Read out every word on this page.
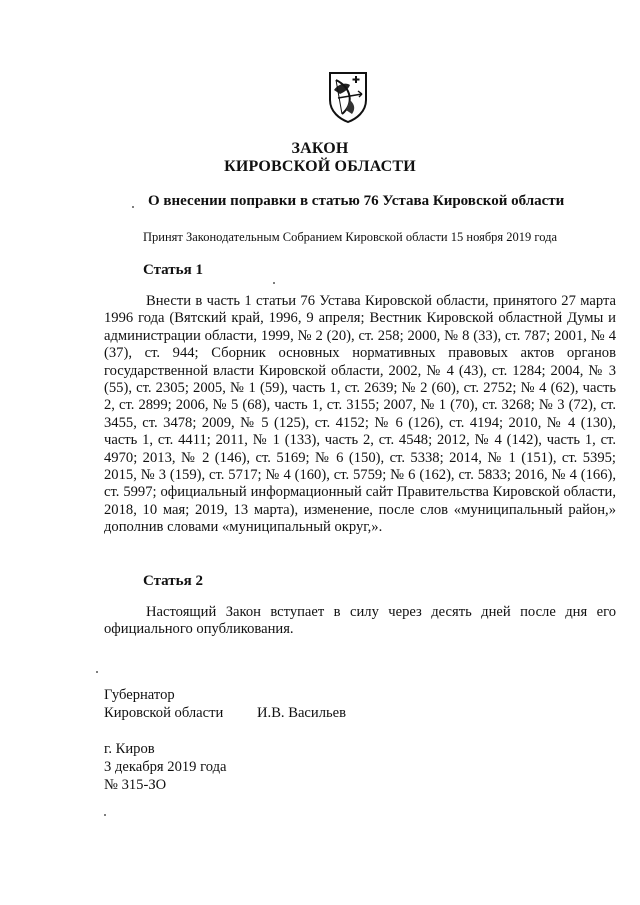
ЗАКОН
КИРОВСКОЙ ОБЛАСТИ
О внесении поправки в статью 76 Устава Кировской области
Принят Законодательным Собранием Кировской области 15 ноября 2019 года
Статья 1
Внести в часть 1 статьи 76 Устава Кировской области, принятого 27 марта 1996 года (Вятский край, 1996, 9 апреля; Вестник Кировской областной Думы и администрации области, 1999, № 2 (20), ст. 258; 2000, № 8 (33), ст. 787; 2001, № 4 (37), ст. 944; Сборник основных нормативных правовых актов органов государственной власти Кировской области, 2002, № 4 (43), ст. 1284; 2004, № 3 (55), ст. 2305; 2005, № 1 (59), часть 1, ст. 2639; № 2 (60), ст. 2752; № 4 (62), часть 2, ст. 2899; 2006, № 5 (68), часть 1, ст. 3155; 2007, № 1 (70), ст. 3268; № 3 (72), ст. 3455, ст. 3478; 2009, № 5 (125), ст. 4152; № 6 (126), ст. 4194; 2010, № 4 (130), часть 1, ст. 4411; 2011, № 1 (133), часть 2, ст. 4548; 2012, № 4 (142), часть 1, ст. 4970; 2013, № 2 (146), ст. 5169; № 6 (150), ст. 5338; 2014, № 1 (151), ст. 5395; 2015, № 3 (159), ст. 5717; № 4 (160), ст. 5759; № 6 (162), ст. 5833; 2016, № 4 (166), ст. 5997; официальный информационный сайт Правительства Кировской области, 2018, 10 мая; 2019, 13 марта), изменение, после слов «муниципальный район,» дополнив словами «муниципальный округ,».
Статья 2
Настоящий Закон вступает в силу через десять дней после дня его официального опубликования.
Губернатор
Кировской области И.В. Васильев
г. Киров
3 декабря 2019 года
№ 315-ЗО
